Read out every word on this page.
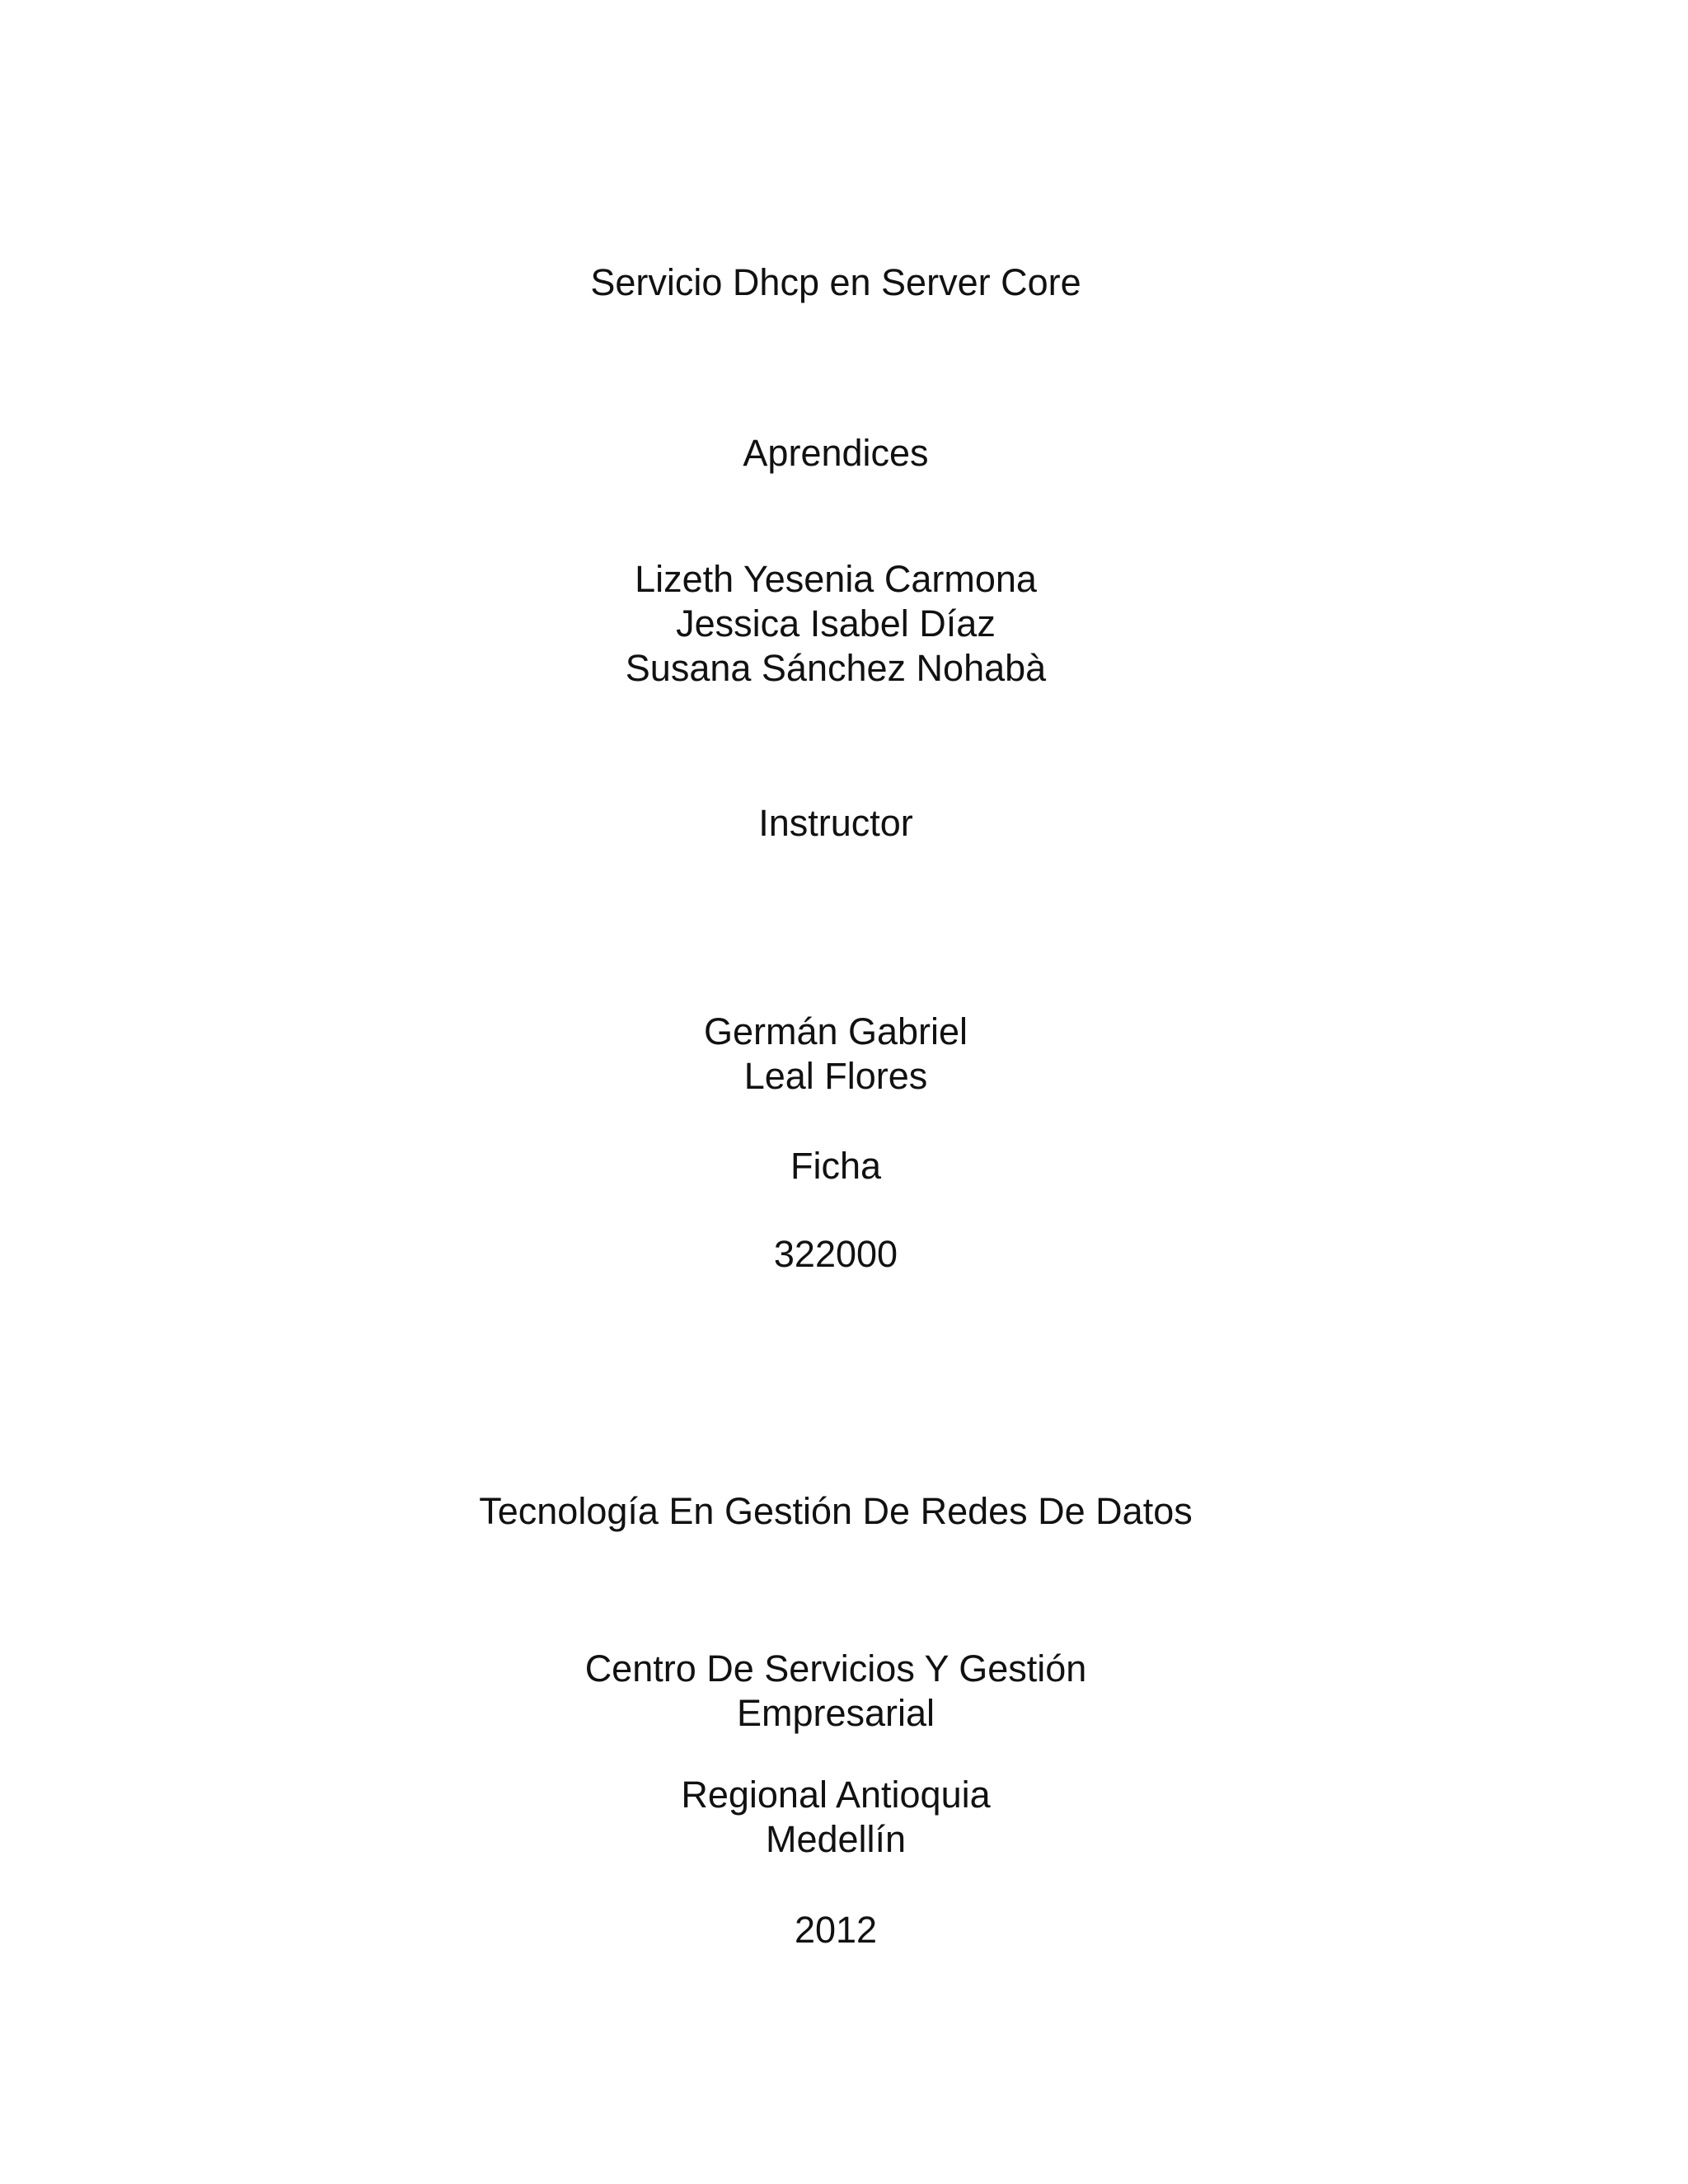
Servicio Dhcp en Server Core
Aprendices
Lizeth Yesenia Carmona
Jessica Isabel Díaz
Susana Sánchez Nohabà
Instructor
Germán Gabriel
Leal Flores
Ficha
322000
Tecnología En Gestión De Redes De Datos
Centro De Servicios Y Gestión
Empresarial
Regional Antioquia
Medellín
2012
